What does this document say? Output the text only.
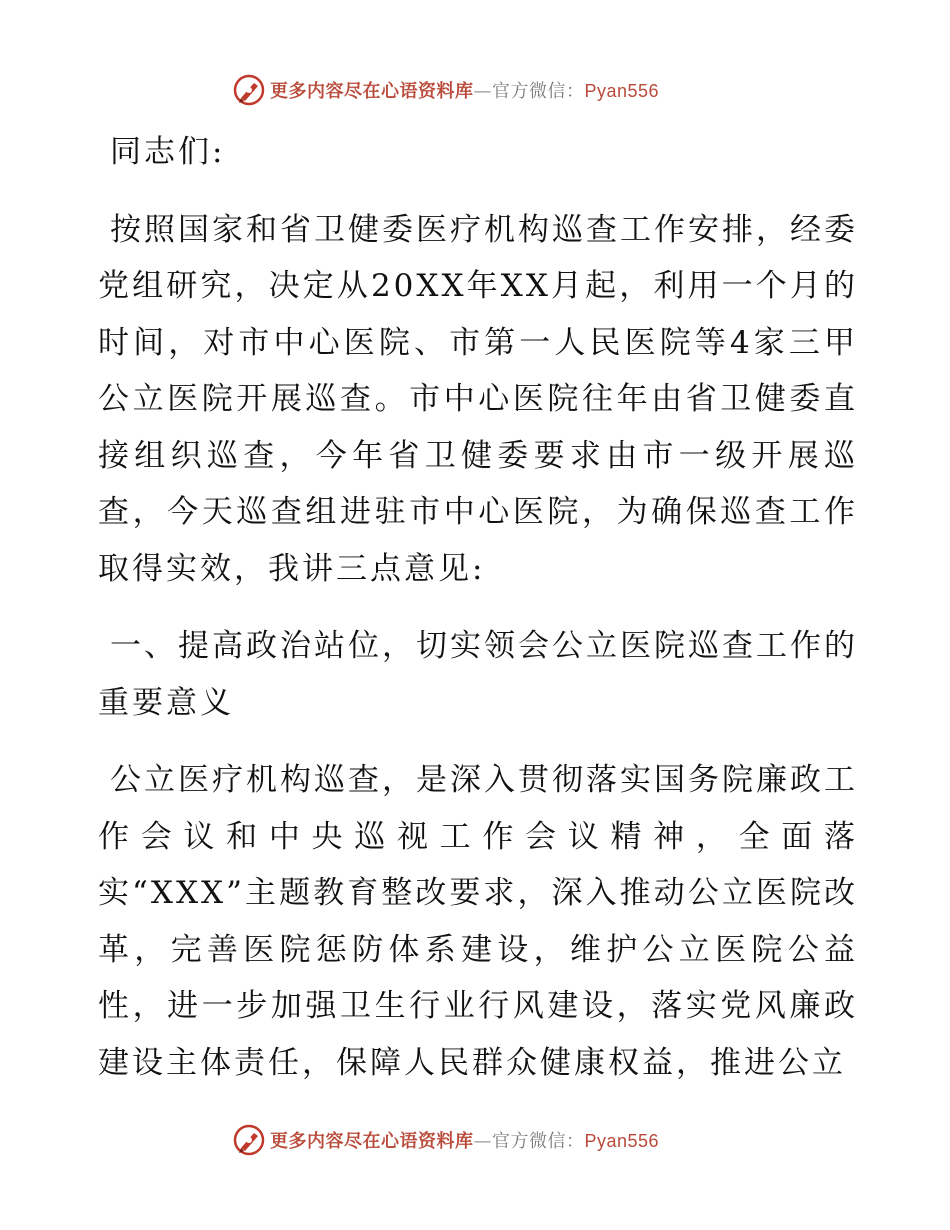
更多内容尽在心语资料库—官方微信：Pyan556

同志们:

按照国家和省卫健委医疗机构巡查工作安排，经委党组研究，决定从20XX年XX月起，利用一个月的时间，对市中心医院、市第一人民医院等4家三甲公立医院开展巡查。市中心医院往年由省卫健委直接组织巡查，今年省卫健委要求由市一级开展巡查，今天巡查组进驻市中心医院，为确保巡查工作取得实效，我讲三点意见:

一、提高政治站位，切实领会公立医院巡查工作的重要意义

公立医疗机构巡查，是深入贯彻落实国务院廉政工作会议和中央巡视工作会议精神，全面落实“XXX”主题教育整改要求，深入推动公立医院改革，完善医院惩防体系建设，维护公立医院公益性，进一步加强卫生行业行风建设，落实党风廉政建设主体责任，保障人民群众健康权益，推进公立

更多内容尽在心语资料库—官方微信：Pyan556
